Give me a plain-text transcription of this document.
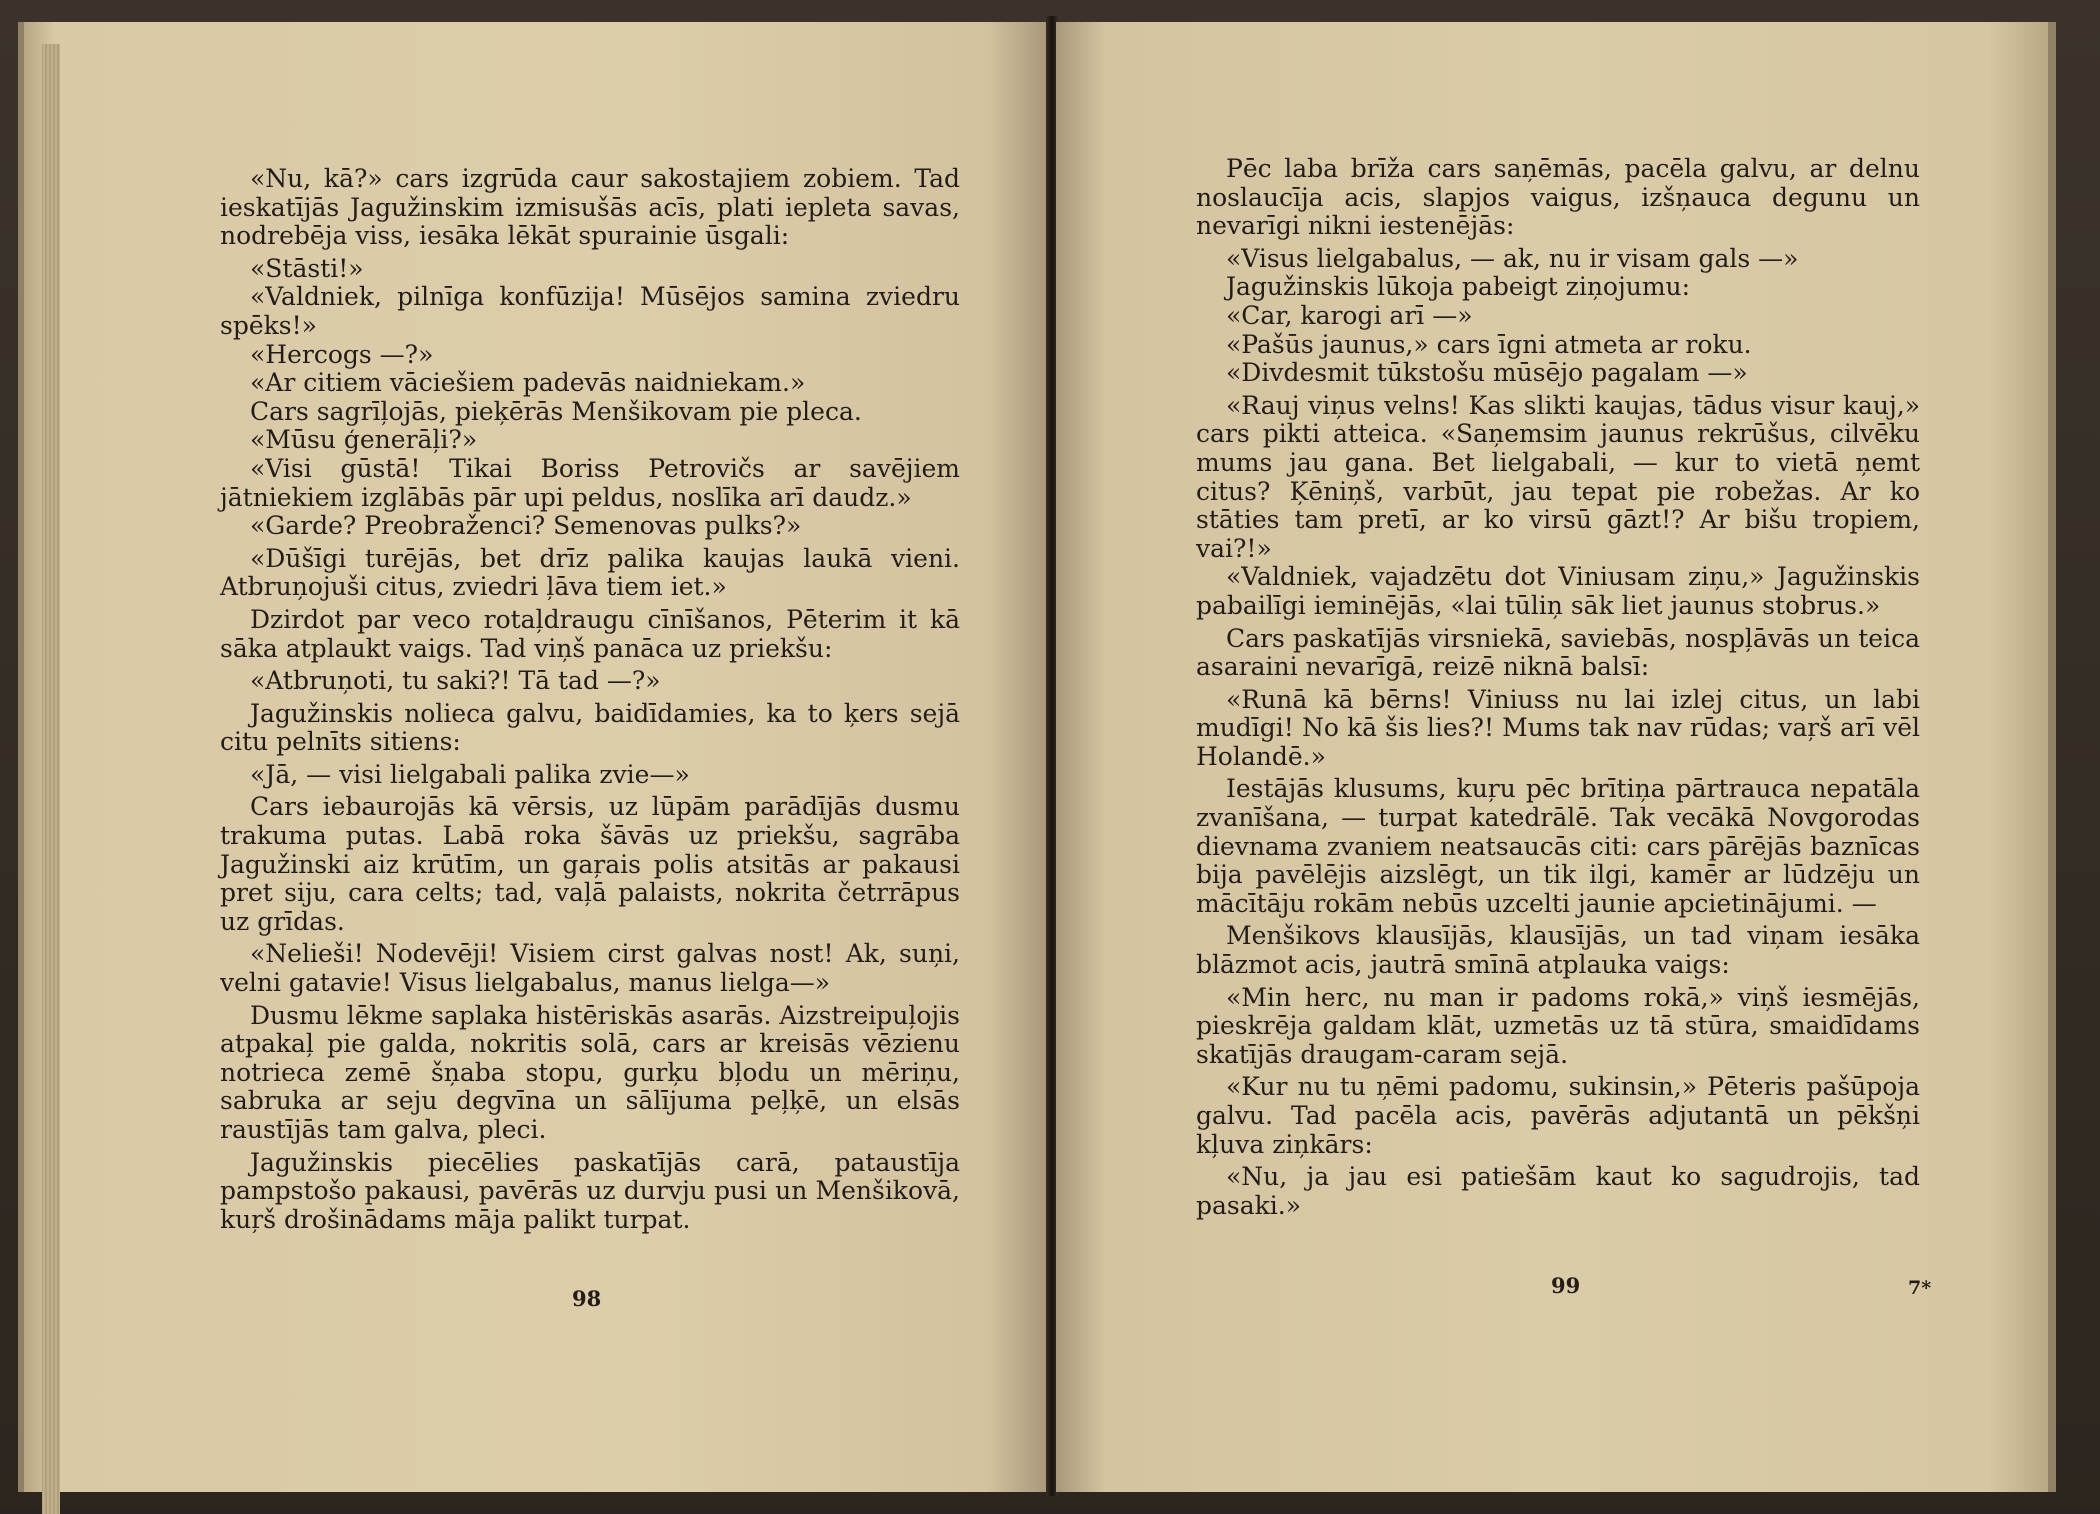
«Nu, kā?» cars izgrūda caur sakostajiem zobiem. Tad ieskatījās Jagužinskim izmisušās acīs, plati iepleta savas, nodrebēja viss, iesāka lēkāt spurainie ūsgali:

«Stāsti!»

«Valdniek, pilnīga konfūzija! Mūsējos samina zviedru spēks!»

«Hercogs —?»

«Ar citiem vāciešiem padevās naidniekam.»

Cars sagrīļojās, pieķērās Menšikovam pie pleca.

«Mūsu ģenerāļi?»

«Visi gūstā! Tikai Boriss Petrovičs ar savējiem jātniekiem izglābās pār upi peldus, noslīka arī daudz.»

«Garde? Preobraženci? Semenovas pulks?»

«Dūšīgi turējās, bet drīz palika kaujas laukā vieni. Atbruņojuši citus, zviedri ļāva tiem iet.»

Dzirdot par veco rotaļdraugu cīnīšanos, Pēterim it kā sāka atplaukt vaigs. Tad viņš panāca uz priekšu:

«Atbruņoti, tu saki?! Tā tad —?»

Jagužinskis nolieca galvu, baidīdamies, ka to ķers sejā citu pelnīts sitiens:

«Jā, — visi lielgabali palika zvie—»

Cars iebaurojās kā vērsis, uz lūpām parādījās dusmu trakuma putas. Labā roka šāvās uz priekšu, sagrāba Jagužinski aiz krūtīm, un gaŗais polis atsitās ar pakausi pret siju, cara celts; tad, vaļā palaists, nokrita četrrāpus uz grīdas.

«Nelieši! Nodevēji! Visiem cirst galvas nost! Ak, suņi, velni gatavie! Visus lielgabalus, manus lielga—»

Dusmu lēkme saplaka histēriskās asarās. Aizstreipuļojis atpakaļ pie galda, nokritis solā, cars ar kreisās vēzienu notrieca zemē šņaba stopu, gurķu bļodu un mēriņu, sabruka ar seju degvīna un sālījuma peļķē, un elsās raustījās tam galva, pleci.

Jagužinskis piecēlies paskatījās carā, pataustīja pampstošo pakausi, pavērās uz durvju pusi un Menšikovā, kuŗš drošinādams māja palikt turpat.

98

Pēc laba brīža cars saņēmās, pacēla galvu, ar delnu noslaucīja acis, slapjos vaigus, izšņauca degunu un nevarīgi nikni iestenējās:

«Visus lielgabalus, — ak, nu ir visam gals —»

Jagužinskis lūkoja pabeigt ziņojumu:

«Car, karogi arī —»

«Pašūs jaunus,» cars īgni atmeta ar roku.

«Divdesmit tūkstošu mūsējo pagalam —»

«Rauj viņus velns! Kas slikti kaujas, tādus visur kauj,» cars pikti atteica. «Saņemsim jaunus rekrūšus, cilvēku mums jau gana. Bet lielgabali, — kur to vietā ņemt citus? Ķēniņš, varbūt, jau tepat pie robežas. Ar ko stāties tam pretī, ar ko virsū gāzt!? Ar bišu tropiem, vai?!»

«Valdniek, vajadzētu dot Viniusam ziņu,» Jagužinskis pabailīgi ieminējās, «lai tūliņ sāk liet jaunus stobrus.»

Cars paskatījās virsniekā, saviebās, nospļāvās un teica asaraini nevarīgā, reizē niknā balsī:

«Runā kā bērns! Viniuss nu lai izlej citus, un labi mudīgi! No kā šis lies?! Mums tak nav rūdas; vaŗš arī vēl Holandē.»

Iestājās klusums, kuŗu pēc brītiņa pārtrauca nepatāla zvanīšana, — turpat katedrālē. Tak vecākā Novgorodas dievnama zvaniem neatsaucās citi: cars pārējās baznīcas bija pavēlējis aizslēgt, un tik ilgi, kamēr ar lūdzēju un mācītāju rokām nebūs uzcelti jaunie apcietinājumi. —

Menšikovs klausījās, klausījās, un tad viņam iesāka blāzmot acis, jautrā smīnā atplauka vaigs:

«Min herc, nu man ir padoms rokā,» viņš iesmējās, pieskrēja galdam klāt, uzmetās uz tā stūra, smaidīdams skatījās draugam-caram sejā.

«Kur nu tu ņēmi padomu, sukinsin,» Pēteris pašūpoja galvu. Tad pacēla acis, pavērās adjutantā un pēkšņi kļuva ziņkārs:

«Nu, ja jau esi patiešām kaut ko sagudrojis, tad pasaki.»

99	7*
